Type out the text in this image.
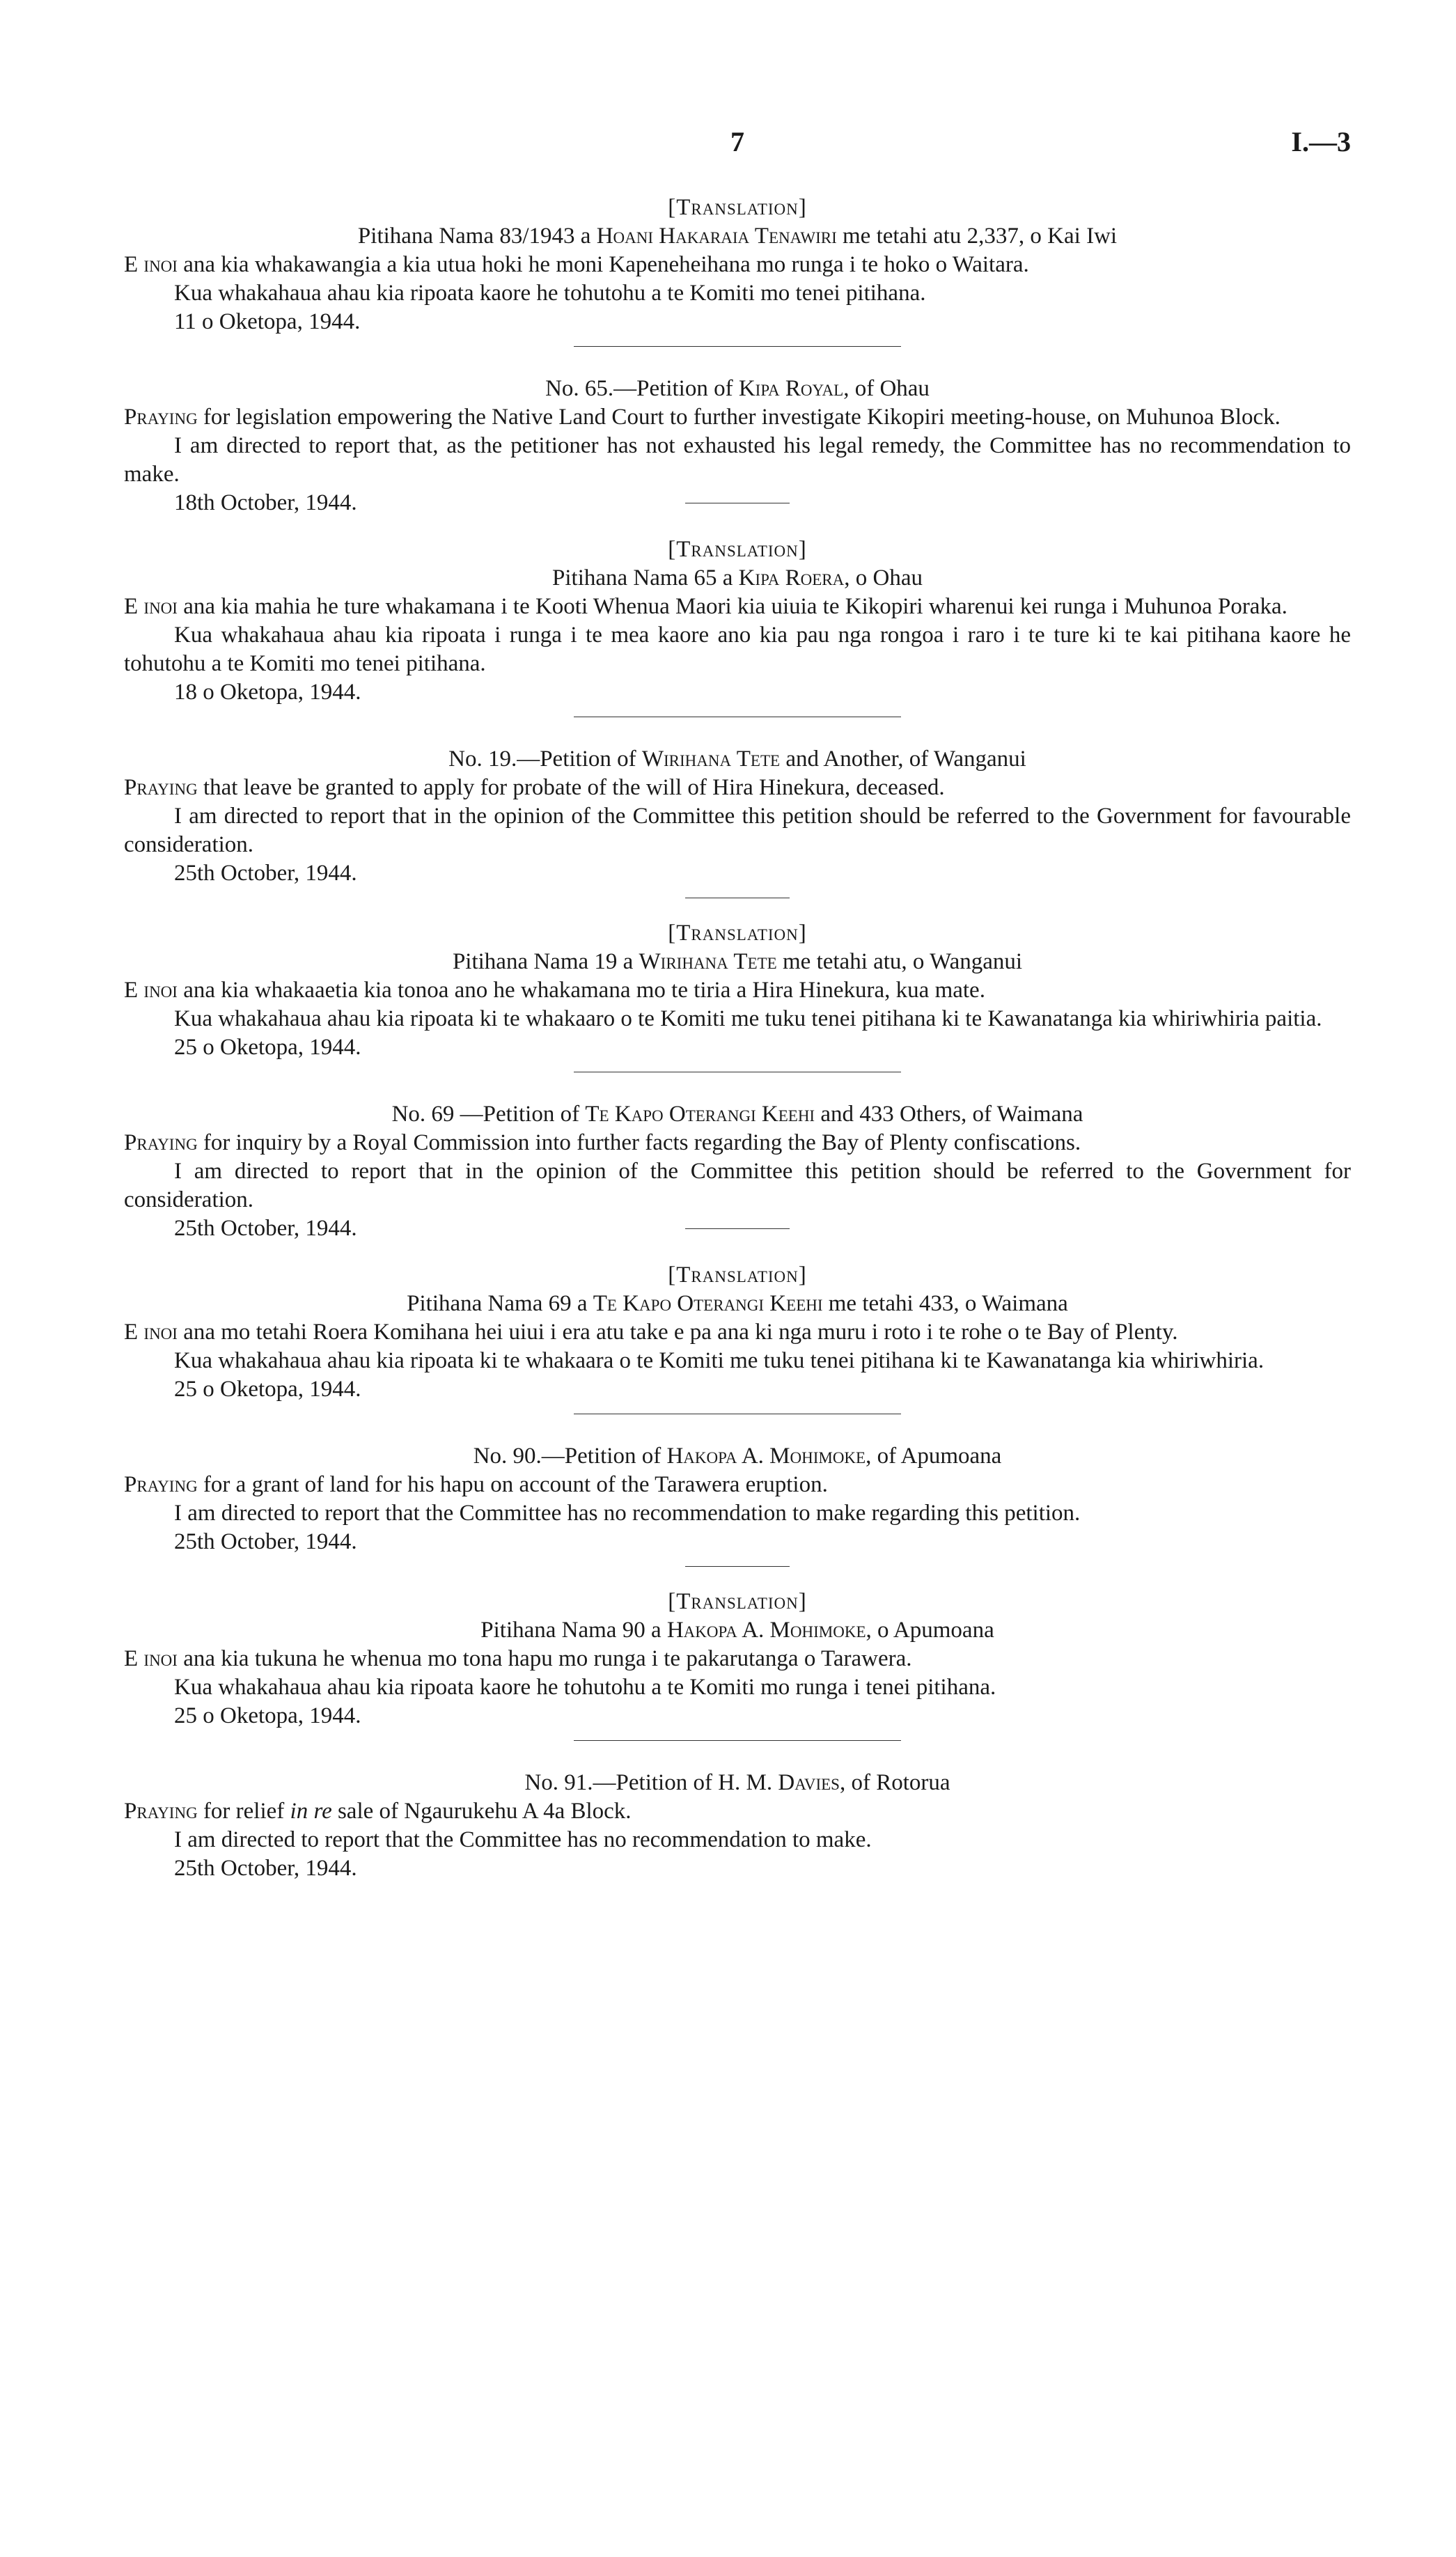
7	I.—3

[Translation]

Pitihana Nama 83/1943 a Hoani Hakaraia Tenawiri me tetahi atu 2,337, o Kai Iwi

E inoi ana kia whakawangia a kia utua hoki he moni Kapeneheihana mo runga i te hoko o Waitara.

Kua whakahaua ahau kia ripoata kaore he tohutohu a te Komiti mo tenei pitihana.

11 o Oketopa, 1944.

No. 65.—Petition of Kipa Royal, of Ohau

Praying for legislation empowering the Native Land Court to further investigate Kikopiri meeting-house, on Muhunoa Block.

I am directed to report that, as the petitioner has not exhausted his legal remedy, the Committee has no recommendation to make.

18th October, 1944.

[Translation]

Pitihana Nama 65 a Kipa Roera, o Ohau

E inoi ana kia mahia he ture whakamana i te Kooti Whenua Maori kia uiuia te Kikopiri wharenui kei runga i Muhunoa Poraka.

Kua whakahaua ahau kia ripoata i runga i te mea kaore ano kia pau nga rongoa i raro i te ture ki te kai pitihana kaore he tohutohu a te Komiti mo tenei pitihana.

18 o Oketopa, 1944.

No. 19.—Petition of Wirihana Tete and Another, of Wanganui

Praying that leave be granted to apply for probate of the will of Hira Hinekura, deceased.

I am directed to report that in the opinion of the Committee this petition should be referred to the Government for favourable consideration.

25th October, 1944.

[Translation]

Pitihana Nama 19 a Wirihana Tete me tetahi atu, o Wanganui

E inoi ana kia whakaaetia kia tonoa ano he whakamana mo te tiria a Hira Hinekura, kua mate.

Kua whakahaua ahau kia ripoata ki te whakaaro o te Komiti me tuku tenei pitihana ki te Kawanatanga kia whiriwhiria paitia.

25 o Oketopa, 1944.

No. 69 —Petition of Te Kapo Oterangi Keehi and 433 Others, of Waimana

Praying for inquiry by a Royal Commission into further facts regarding the Bay of Plenty confiscations.

I am directed to report that in the opinion of the Committee this petition should be referred to the Government for consideration.

25th October, 1944.

[Translation]

Pitihana Nama 69 a Te Kapo Oterangi Keehi me tetahi 433, o Waimana

E inoi ana mo tetahi Roera Komihana hei uiui i era atu take e pa ana ki nga muru i roto i te rohe o te Bay of Plenty.

Kua whakahaua ahau kia ripoata ki te whakaara o te Komiti me tuku tenei pitihana ki te Kawanatanga kia whiriwhiria.

25 o Oketopa, 1944.

No. 90.—Petition of Hakopa A. Mohimoke, of Apumoana

Praying for a grant of land for his hapu on account of the Tarawera eruption.

I am directed to report that the Committee has no recommendation to make regarding this petition.

25th October, 1944.

[Translation]

Pitihana Nama 90 a Hakopa A. Mohimoke, o Apumoana

E inoi ana kia tukuna he whenua mo tona hapu mo runga i te pakarutanga o Tarawera.

Kua whakahaua ahau kia ripoata kaore he tohutohu a te Komiti mo runga i tenei pitihana.

25 o Oketopa, 1944.

No. 91.—Petition of H. M. Davies, of Rotorua

Praying for relief in re sale of Ngaurukehu A 4a Block.

I am directed to report that the Committee has no recommendation to make.

25th October, 1944.
